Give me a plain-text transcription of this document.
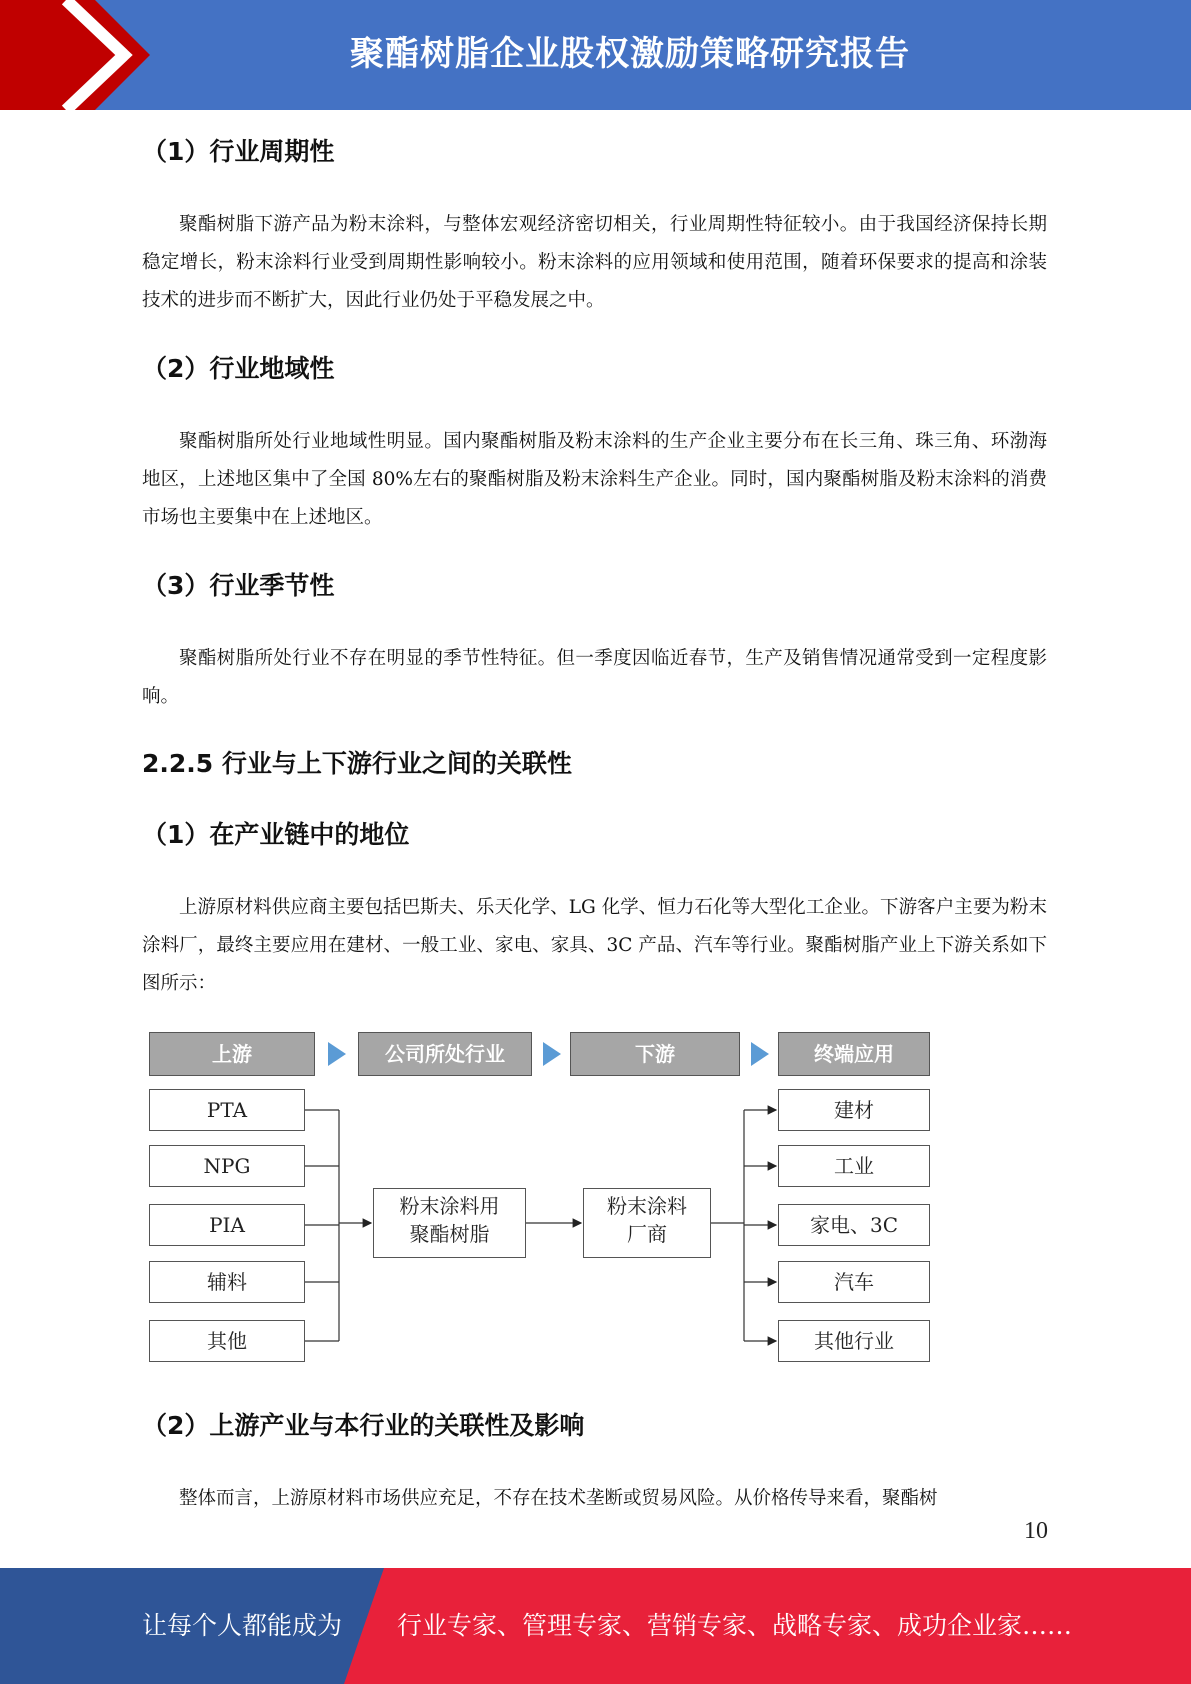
聚酯树脂企业股权激励策略研究报告
（1）行业周期性

聚酯树脂下游产品为粉末涂料，与整体宏观经济密切相关，行业周期性特征较小。由于我国经济保持长期稳定增长，粉末涂料行业受到周期性影响较小。粉末涂料的应用领域和使用范围，随着环保要求的提高和涂装技术的进步而不断扩大，因此行业仍处于平稳发展之中。

（2）行业地域性

聚酯树脂所处行业地域性明显。国内聚酯树脂及粉末涂料的生产企业主要分布在长三角、珠三角、环渤海地区，上述地区集中了全国 80%左右的聚酯树脂及粉末涂料生产企业。同时，国内聚酯树脂及粉末涂料的消费市场也主要集中在上述地区。

（3）行业季节性

聚酯树脂所处行业不存在明显的季节性特征。但一季度因临近春节，生产及销售情况通常受到一定程度影响。

2.2.5 行业与上下游行业之间的关联性
（1）在产业链中的地位

上游原材料供应商主要包括巴斯夫、乐天化学、LG 化学、恒力石化等大型化工企业。下游客户主要为粉末涂料厂，最终主要应用在建材、一般工业、家电、家具、3C 产品、汽车等行业。聚酯树脂产业上下游关系如下图所示：

（2）上游产业与本行业的关联性及影响

整体而言，上游原材料市场供应充足，不存在技术垄断或贸易风险。从价格传导来看，聚酯树

上游	公司所处行业	下游	终端应用
PTA
NPG
PIA
辅料
其他
粉末涂料用
聚酯树脂
粉末涂料
厂商
建材
工业
家电、3C
汽车
其他行业
10
让每个人都能成为 行业专家、管理专家、营销专家、战略专家、成功企业家……
